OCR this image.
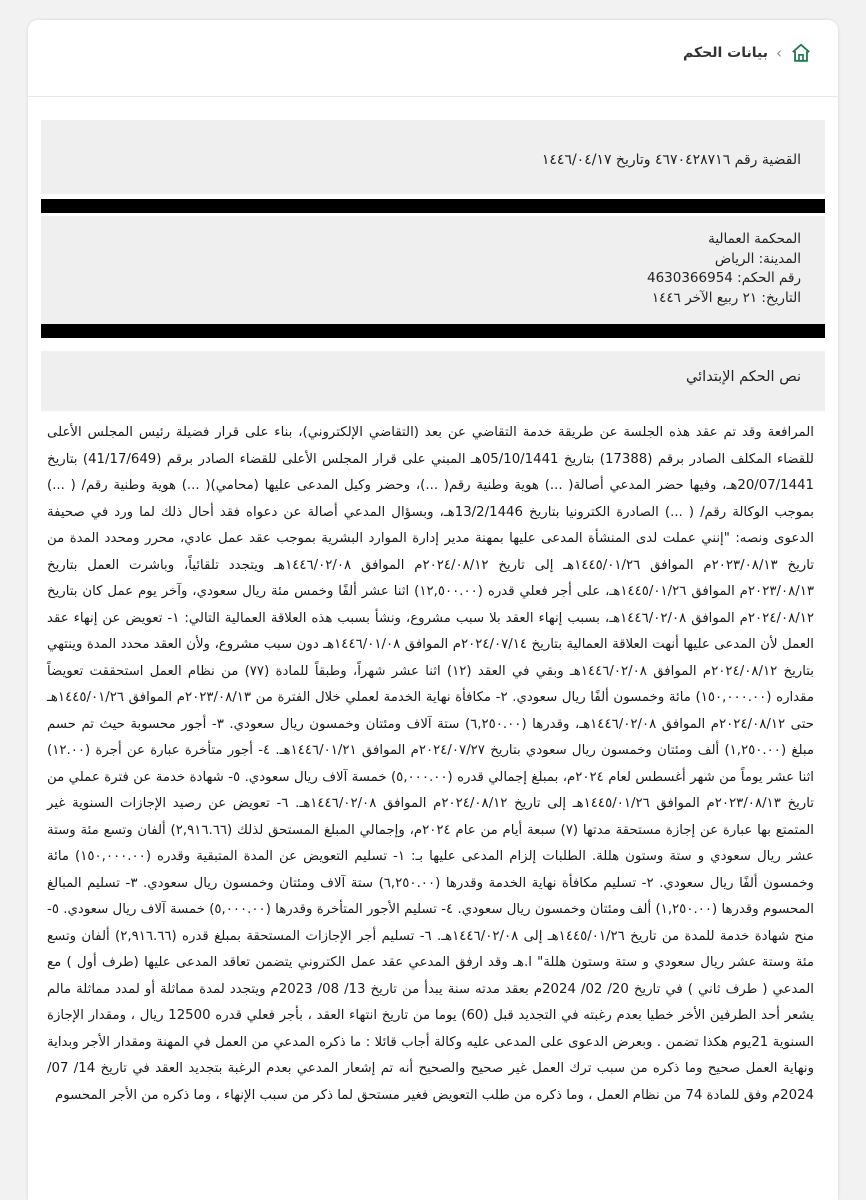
›
بيانات الحكم
القضية رقم ٤٦٧٠٤٢٨٧١٦ وتاريخ ١٤٤٦/٠٤/١٧
المحكمة العمالية
المدينة: الرياض
رقم الحكم: 4630366954
التاريخ: ٢١ ربيع الآخر ١٤٤٦
نص الحكم الإبتدائي

المرافعة وقد تم عقد هذه الجلسة عن طريقة خدمة التقاضي عن بعد (التقاضي الإلكتروني)، بناء على قرار فضيلة رئيس المجلس الأعلى للقضاء المكلف الصادر برقم (17388) بتاريخ 05/10/1441هـ المبني على قرار المجلس الأعلى للقضاء الصادر برقم (41/17/649) بتاريخ 20/07/1441هـ، وفيها حضر المدعي أصالة( ...) هوية وطنية رقم( ...)، وحضر وكيل المدعى عليها (محامي)( ...) هوية وطنية رقم/ ( ...) بموجب الوكالة رقم/ ( ...) الصادرة الكترونيا بتاريخ 13/2/1446هـ، وبسؤال المدعي أصالة عن دعواه فقد أحال ذلك لما ورد في صحيفة الدعوى ونصه: "إنني عملت لدى المنشأة المدعى عليها بمهنة مدير إدارة الموارد البشرية بموجب عقد عمل عادي، محرر ومحدد المدة من تاريخ ٢٠٢٣/٠٨/١٣م الموافق ١٤٤٥/٠١/٢٦هـ إلى تاريخ ٢٠٢٤/٠٨/١٢م الموافق ١٤٤٦/٠٢/٠٨هـ ويتجدد تلقائياً، وباشرت العمل بتاريخ ٢٠٢٣/٠٨/١٣م الموافق ١٤٤٥/٠١/٢٦هـ، على أجر فعلي قدره (١٢,٥٠٠.٠٠) اثنا عشر ألفًا وخمس مئة ريال سعودي، وآخر يوم عمل كان بتاريخ ٢٠٢٤/٠٨/١٢م الموافق ١٤٤٦/٠٢/٠٨هـ، بسبب إنهاء العقد بلا سبب مشروع، ونشأ بسبب هذه العلاقة العمالية التالي: ١- تعويض عن إنهاء عقد العمل لأن المدعى عليها أنهت العلاقة العمالية بتاريخ ٢٠٢٤/٠٧/١٤م الموافق ١٤٤٦/٠١/٠٨هـ دون سبب مشروع، ولأن العقد محدد المدة وينتهي بتاريخ ٢٠٢٤/٠٨/١٢م الموافق ١٤٤٦/٠٢/٠٨هـ وبقي في العقد (١٢) اثنا عشر شهراً، وطبقاً للمادة (٧٧) من نظام العمل استحققت تعويضاً مقداره (١٥٠,٠٠٠.٠٠) مائة وخمسون ألفًا ريال سعودي. ٢- مكافأة نهاية الخدمة لعملي خلال الفترة من ٢٠٢٣/٠٨/١٣م الموافق ١٤٤٥/٠١/٢٦هـ حتى ٢٠٢٤/٠٨/١٢م الموافق ١٤٤٦/٠٢/٠٨هـ، وقدرها (٦,٢٥٠.٠٠) ستة آلاف ومئتان وخمسون ريال سعودي. ٣- أجور محسوبة حيث تم حسم مبلغ (١,٢٥٠.٠٠) ألف ومئتان وخمسون ريال سعودي بتاريخ ٢٠٢٤/٠٧/٢٧م الموافق ١٤٤٦/٠١/٢١هـ. ٤- أجور متأخرة عبارة عن أجرة (١٢.٠٠) اثنا عشر يوماً من شهر أغسطس لعام ٢٠٢٤م، بمبلغ إجمالي قدره (٥,٠٠٠.٠٠) خمسة آلاف ريال سعودي. ٥- شهادة خدمة عن فترة عملي من تاريخ ٢٠٢٣/٠٨/١٣م الموافق ١٤٤٥/٠١/٢٦هـ إلى تاريخ ٢٠٢٤/٠٨/١٢م الموافق ١٤٤٦/٠٢/٠٨هـ. ٦- تعويض عن رصيد الإجازات السنوية غير المتمتع بها عبارة عن إجازة مستحقة مدتها (٧) سبعة أيام من عام ٢٠٢٤م، وإجمالي المبلغ المستحق لذلك (٢,٩١٦.٦٦) ألفان وتسع مئة وستة عشر ريال سعودي و ستة وستون هللة. الطلبات إلزام المدعى عليها بـ: ١- تسليم التعويض عن المدة المتبقية وقدره (١٥٠,٠٠٠.٠٠) مائة وخمسون ألفًا ريال سعودي. ٢- تسليم مكافأة نهاية الخدمة وقدرها (٦,٢٥٠.٠٠) ستة آلاف ومئتان وخمسون ريال سعودي. ٣- تسليم المبالغ المحسوم وقدرها (١,٢٥٠.٠٠) ألف ومئتان وخمسون ريال سعودي. ٤- تسليم الأجور المتأخرة وقدرها (٥,٠٠٠.٠٠) خمسة آلاف ريال سعودي. ٥- منح شهادة خدمة للمدة من تاريخ ١٤٤٥/٠١/٢٦هـ إلى ١٤٤٦/٠٢/٠٨هـ. ٦- تسليم أجر الإجازات المستحقة بمبلغ قدره (٢,٩١٦.٦٦) ألفان وتسع مئة وستة عشر ريال سعودي و ستة وستون هللة" ا.هـ وقد ارفق المدعي عقد عمل الكتروني يتضمن تعاقد المدعى عليها (طرف أول ) مع المدعي ( طرف ثاني ) في تاريخ 20/ 02/ 2024م بعقد مدته سنة يبدأ من تاريخ 13/ 08/ 2023م ويتجدد لمدة مماثلة أو لمدد مماثلة مالم يشعر أحد الطرفين الأخر خطيا بعدم رغبته في التجديد قبل (60) يوما من تاريخ انتهاء العقد ، بأجر فعلي قدره 12500 ريال ، ومقدار الإجازة السنوية 21يوم هكذا تضمن . وبعرض الدعوى على المدعى عليه وكالة أجاب قائلا : ما ذكره المدعي من العمل في المهنة ومقدار الأجر وبداية ونهاية العمل صحيح وما ذكره من سبب ترك العمل غير صحيح والصحيح أنه تم إشعار المدعي بعدم الرغبة بتجديد العقد في تاريخ 14/ 07/ 2024م وفق للمادة 74 من نظام العمل ، وما ذكره من طلب التعويض فغير مستحق لما ذكر من سبب الإنهاء ، وما ذكره من الأجر المحسوم
